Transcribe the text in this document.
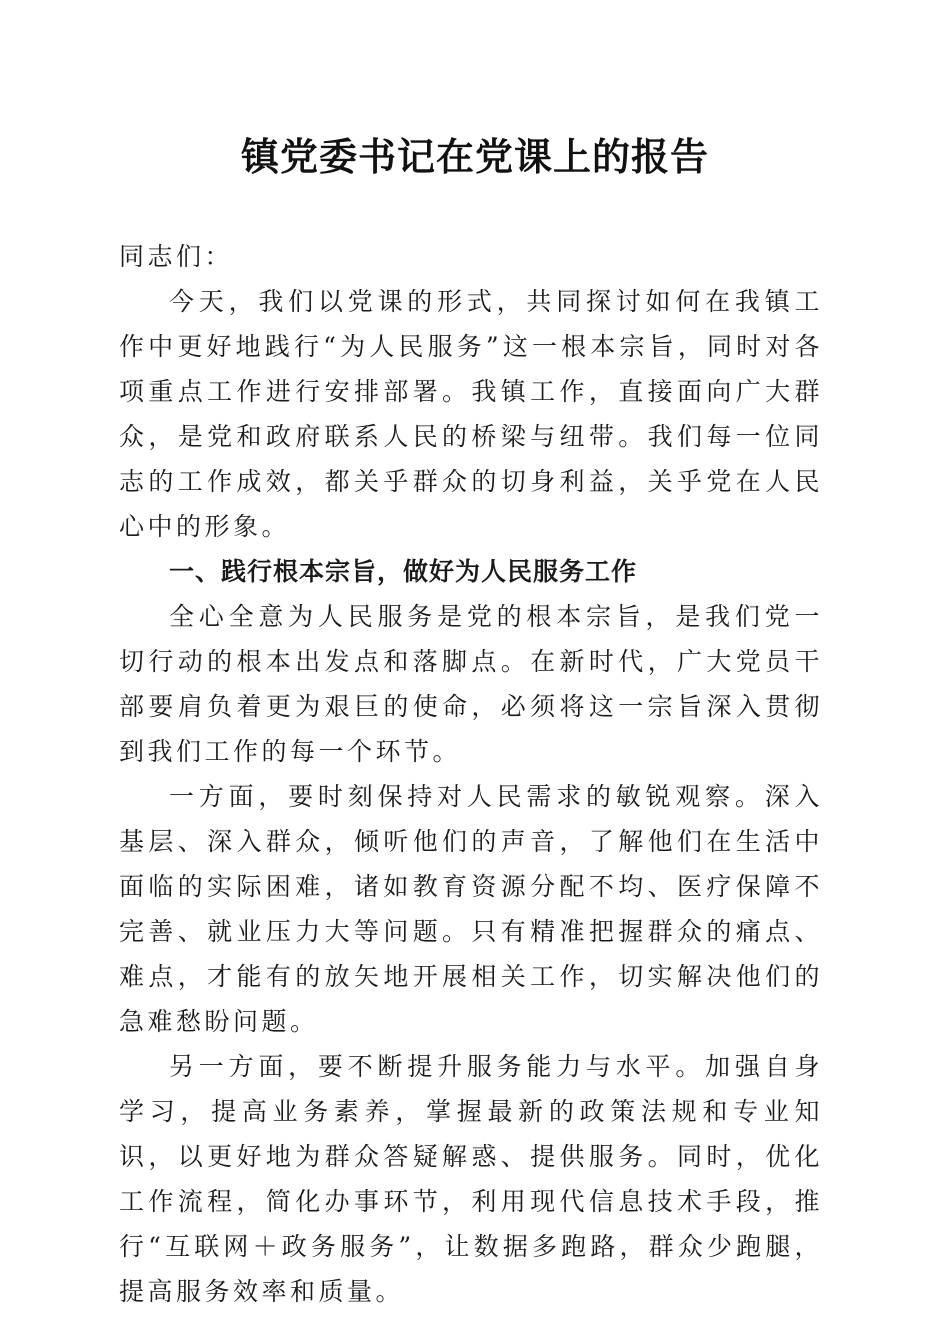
镇党委书记在党课上的报告

同志们：

今天，我们以党课的形式，共同探讨如何在我镇工作中更好地践行“为人民服务”这一根本宗旨，同时对各项重点工作进行安排部署。我镇工作，直接面向广大群众，是党和政府联系人民的桥梁与纽带。我们每一位同志的工作成效，都关乎群众的切身利益，关乎党在人民心中的形象。

一、践行根本宗旨，做好为人民服务工作

全心全意为人民服务是党的根本宗旨，是我们党一切行动的根本出发点和落脚点。在新时代，广大党员干部要肩负着更为艰巨的使命，必须将这一宗旨深入贯彻到我们工作的每一个环节。

一方面，要时刻保持对人民需求的敏锐观察。深入基层、深入群众，倾听他们的声音，了解他们在生活中面临的实际困难，诸如教育资源分配不均、医疗保障不完善、就业压力大等问题。只有精准把握群众的痛点、难点，才能有的放矢地开展相关工作，切实解决他们的急难愁盼问题。

另一方面，要不断提升服务能力与水平。加强自身学习，提高业务素养，掌握最新的政策法规和专业知识，以更好地为群众答疑解惑、提供服务。同时，优化工作流程，简化办事环节，利用现代信息技术手段，推行“互联网＋政务服务”，让数据多跑路，群众少跑腿，提高服务效率和质量。
